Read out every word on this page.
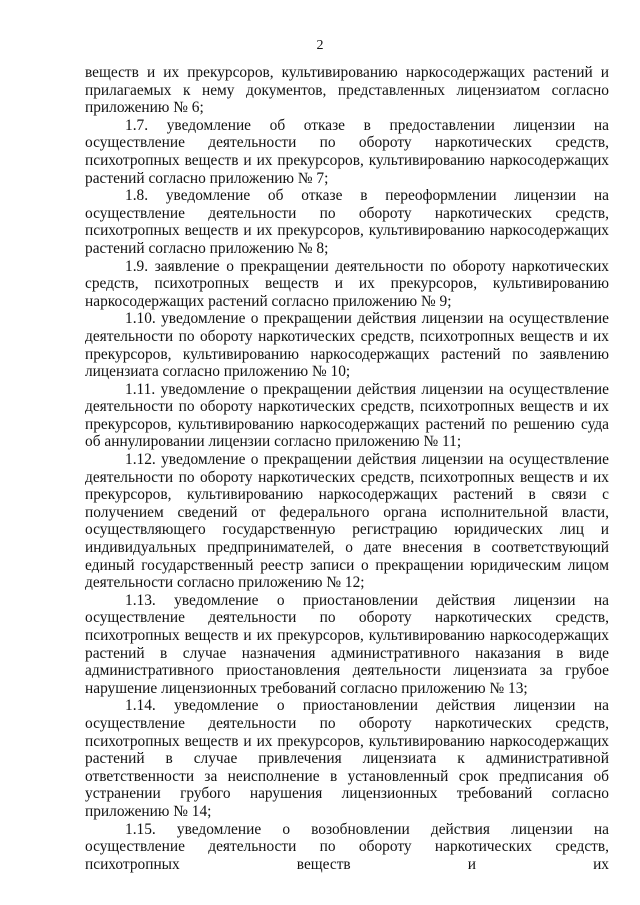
2

веществ и их прекурсоров, культивированию наркосодержащих растений и прилагаемых к нему документов, представленных лицензиатом согласно приложению № 6;

1.7. уведомление об отказе в предоставлении лицензии на осуществление деятельности по обороту наркотических средств, психотропных веществ и их прекурсоров, культивированию наркосодержащих растений согласно приложению № 7;

1.8. уведомление об отказе в переоформлении лицензии на осуществление деятельности по обороту наркотических средств, психотропных веществ и их прекурсоров, культивированию наркосодержащих растений согласно приложению № 8;

1.9. заявление о прекращении деятельности по обороту наркотических средств, психотропных веществ и их прекурсоров, культивированию наркосодержащих растений согласно приложению № 9;

1.10. уведомление о прекращении действия лицензии на осуществление деятельности по обороту наркотических средств, психотропных веществ и их прекурсоров, культивированию наркосодержащих растений по заявлению лицензиата согласно приложению № 10;

1.11. уведомление о прекращении действия лицензии на осуществление деятельности по обороту наркотических средств, психотропных веществ и их прекурсоров, культивированию наркосодержащих растений по решению суда об аннулировании лицензии согласно приложению № 11;

1.12. уведомление о прекращении действия лицензии на осуществление деятельности по обороту наркотических средств, психотропных веществ и их прекурсоров, культивированию наркосодержащих растений в связи с получением сведений от федерального органа исполнительной власти, осуществляющего государственную регистрацию юридических лиц и индивидуальных предпринимателей, о дате внесения в соответствующий единый государственный реестр записи о прекращении юридическим лицом деятельности согласно приложению № 12;

1.13. уведомление о приостановлении действия лицензии на осуществление деятельности по обороту наркотических средств, психотропных веществ и их прекурсоров, культивированию наркосодержащих растений в случае назначения административного наказания в виде административного приостановления деятельности лицензиата за грубое нарушение лицензионных требований согласно приложению № 13;

1.14. уведомление о приостановлении действия лицензии на осуществление деятельности по обороту наркотических средств, психотропных веществ и их прекурсоров, культивированию наркосодержащих растений в случае привлечения лицензиата к административной ответственности за неисполнение в установленный срок предписания об устранении грубого нарушения лицензионных требований согласно приложению № 14;

1.15. уведомление о возобновлении действия лицензии на осуществление деятельности по обороту наркотических средств, психотропных веществ и их
